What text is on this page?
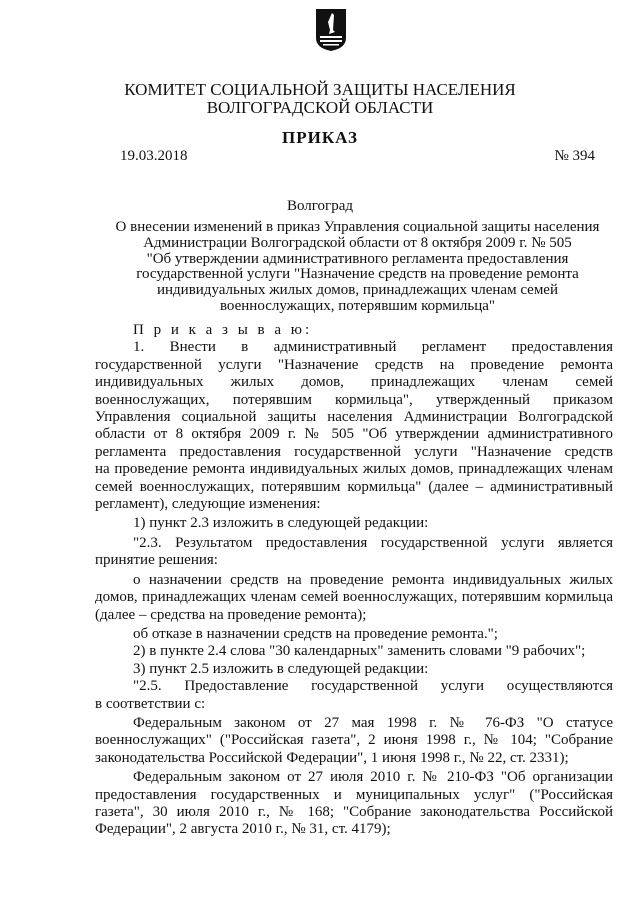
КОМИТЕТ СОЦИАЛЬНОЙ ЗАЩИТЫ НАСЕЛЕНИЯ
ВОЛГОГРАДСКОЙ ОБЛАСТИ
ПРИКАЗ
19.03.2018	№ 394
Волгоград
О внесении изменений в приказ Управления социальной защиты населения
Администрации Волгоградской области от 8 октября 2009 г. № 505
"Об утверждении административного регламента предоставления
государственной услуги "Назначение средств на проведение ремонта
индивидуальных жилых домов, принадлежащих членам семей
военнослужащих, потерявшим кормильца"

П р и к а з ы в а ю:

1. Внести в административный регламент предоставления

государственной услуги "Назначение средств на проведение ремонта

индивидуальных жилых домов, принадлежащих членам семей

военнослужащих, потерявшим кормильца", утвержденный приказом

Управления социальной защиты населения Администрации Волгоградской

области от 8 октября 2009 г. № 505 "Об утверждении административного

регламента предоставления государственной услуги "Назначение средств

на проведение ремонта индивидуальных жилых домов, принадлежащих членам

семей военнослужащих, потерявшим кормильца" (далее – административный

регламент), следующие изменения:

1) пункт 2.3 изложить в следующей редакции:

"2.3. Результатом предоставления государственной услуги является

принятие решения:

о назначении средств на проведение ремонта индивидуальных жилых

домов, принадлежащих членам семей военнослужащих, потерявшим кормильца

(далее – средства на проведение ремонта);

об отказе в назначении средств на проведение ремонта.";

2) в пункте 2.4 слова "30 календарных" заменить словами "9 рабочих";

3) пункт 2.5 изложить в следующей редакции:

"2.5. Предоставление государственной услуги осуществляются

в соответствии с:

Федеральным законом от 27 мая 1998 г. № 76-ФЗ "О статусе

военнослужащих" ("Российская газета", 2 июня 1998 г., № 104; "Собрание

законодательства Российской Федерации", 1 июня 1998 г., № 22, ст. 2331);

Федеральным законом от 27 июля 2010 г. № 210-ФЗ "Об организации

предоставления государственных и муниципальных услуг" ("Российская

газета", 30 июля 2010 г., № 168; "Собрание законодательства Российской

Федерации", 2 августа 2010 г., № 31, ст. 4179);
